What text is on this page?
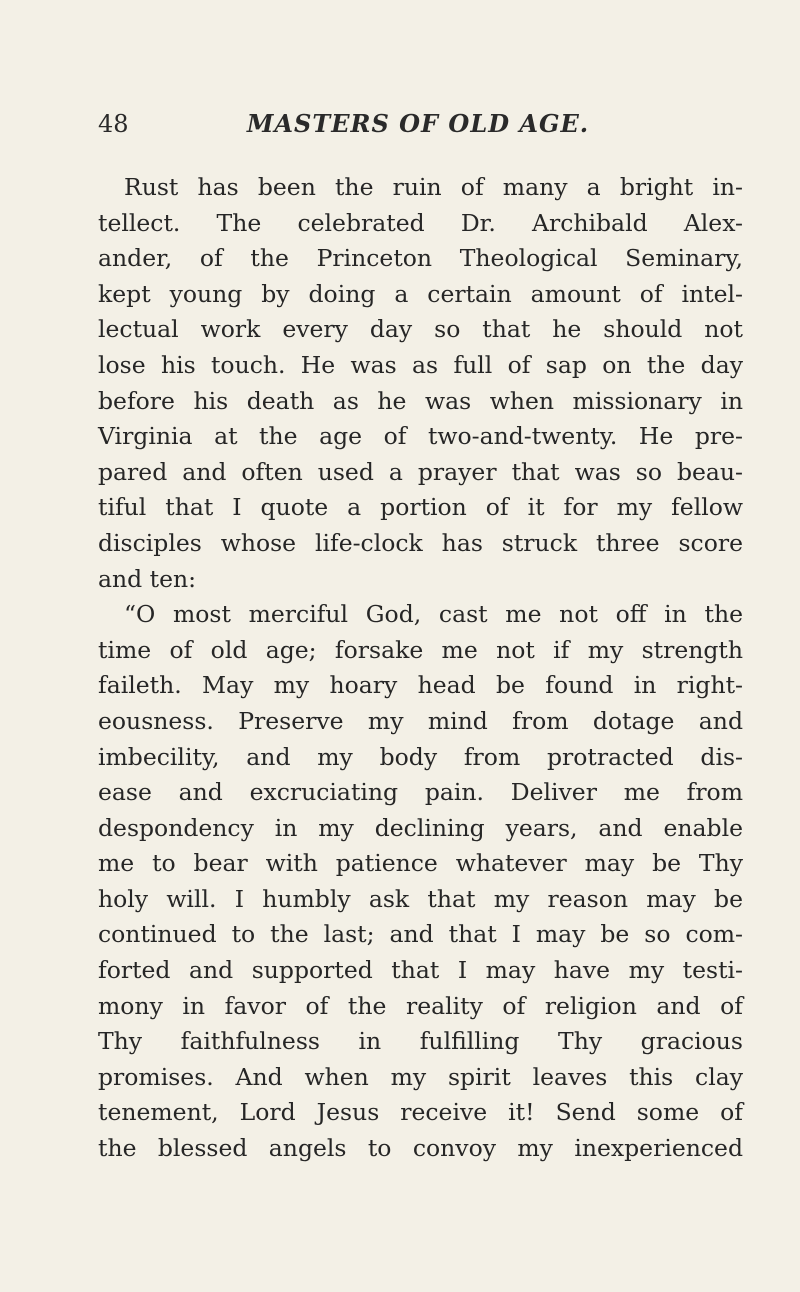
48	MASTERS OF OLD AGE.
Rust has been the ruin of many a bright in-
tellect. The celebrated Dr. Archibald Alex-
ander, of the Princeton Theological Seminary,
kept young by doing a certain amount of intel-
lectual work every day so that he should not
lose his touch. He was as full of sap on the day
before his death as he was when missionary in
Virginia at the age of two-and-twenty. He pre-
pared and often used a prayer that was so beau-
tiful that I quote a portion of it for my fellow
disciples whose life-clock has struck three score
and ten:
“O most merciful God, cast me not off in the
time of old age; forsake me not if my strength
faileth. May my hoary head be found in right-
eousness. Preserve my mind from dotage and
imbecility, and my body from protracted dis-
ease and excruciating pain. Deliver me from
despondency in my declining years, and enable
me to bear with patience whatever may be Thy
holy will. I humbly ask that my reason may be
continued to the last; and that I may be so com-
forted and supported that I may have my testi-
mony in favor of the reality of religion and of
Thy faithfulness in fulfilling Thy gracious
promises. And when my spirit leaves this clay
tenement, Lord Jesus receive it! Send some of
the blessed angels to convoy my inexperienced
